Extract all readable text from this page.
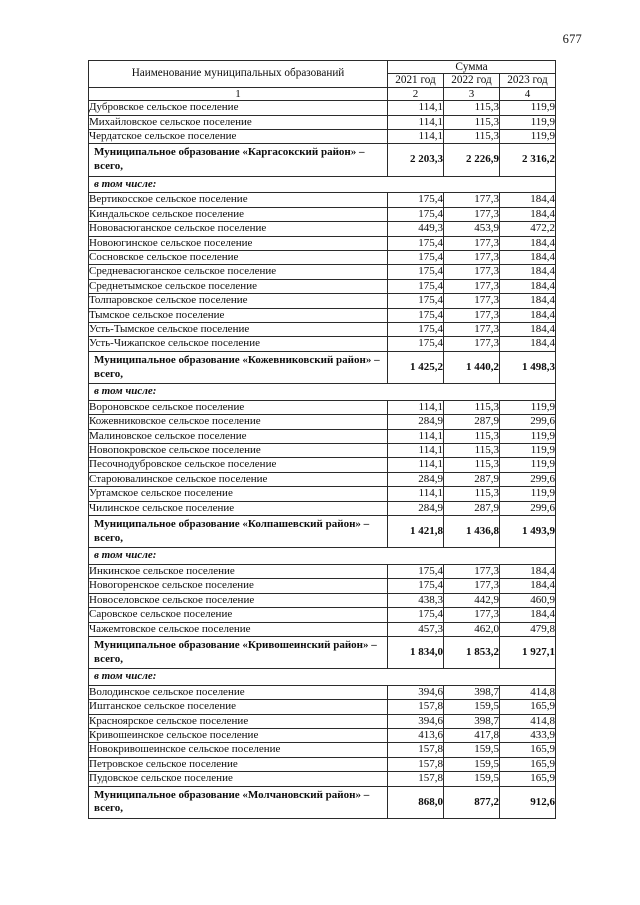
677
Наименование муниципальных образований	Сумма		
	2021 год	2022 год	2023 год
1	2	3	4
Дубровское сельское поселение	114,1	115,3	119,9
Михайловское сельское поселение	114,1	115,3	119,9
Чердатское сельское поселение	114,1	115,3	119,9
Муниципальное образование «Каргасокский район» – всего,	2 203,3	2 226,9	2 316,2
в том числе:			
Вертикосское сельское поселение	175,4	177,3	184,4
Киндальское сельское поселение	175,4	177,3	184,4
Нововасюганское сельское поселение	449,3	453,9	472,2
Новоюгинское сельское поселение	175,4	177,3	184,4
Сосновское сельское поселение	175,4	177,3	184,4
Средневасюганское сельское поселение	175,4	177,3	184,4
Среднетымское сельское поселение	175,4	177,3	184,4
Толпаровское сельское поселение	175,4	177,3	184,4
Тымское сельское поселение	175,4	177,3	184,4
Усть-Тымское сельское поселение	175,4	177,3	184,4
Усть-Чижапское сельское поселение	175,4	177,3	184,4
Муниципальное образование «Кожевниковский район» – всего,	1 425,2	1 440,2	1 498,3
в том числе:			
Вороновское сельское поселение	114,1	115,3	119,9
Кожевниковское сельское поселение	284,9	287,9	299,6
Малиновское сельское поселение	114,1	115,3	119,9
Новопокровское сельское поселение	114,1	115,3	119,9
Песочнодубровское сельское поселение	114,1	115,3	119,9
Староювалинское сельское поселение	284,9	287,9	299,6
Уртамское сельское поселение	114,1	115,3	119,9
Чилинское сельское поселение	284,9	287,9	299,6
Муниципальное образование «Колпашевский район» – всего,	1 421,8	1 436,8	1 493,9
в том числе:			
Инкинское сельское поселение	175,4	177,3	184,4
Новогоренское сельское поселение	175,4	177,3	184,4
Новоселовское сельское поселение	438,3	442,9	460,9
Саровское сельское поселение	175,4	177,3	184,4
Чажемтовское сельское поселение	457,3	462,0	479,8
Муниципальное образование «Кривошеинский район» – всего,	1 834,0	1 853,2	1 927,1
в том числе:			
Володинское сельское поселение	394,6	398,7	414,8
Иштанское сельское поселение	157,8	159,5	165,9
Красноярское сельское поселение	394,6	398,7	414,8
Кривошеинское сельское поселение	413,6	417,8	433,9
Новокривошеинское сельское поселение	157,8	159,5	165,9
Петровское сельское поселение	157,8	159,5	165,9
Пудовское сельское поселение	157,8	159,5	165,9
Муниципальное образование «Молчановский район» – всего,	868,0	877,2	912,6
